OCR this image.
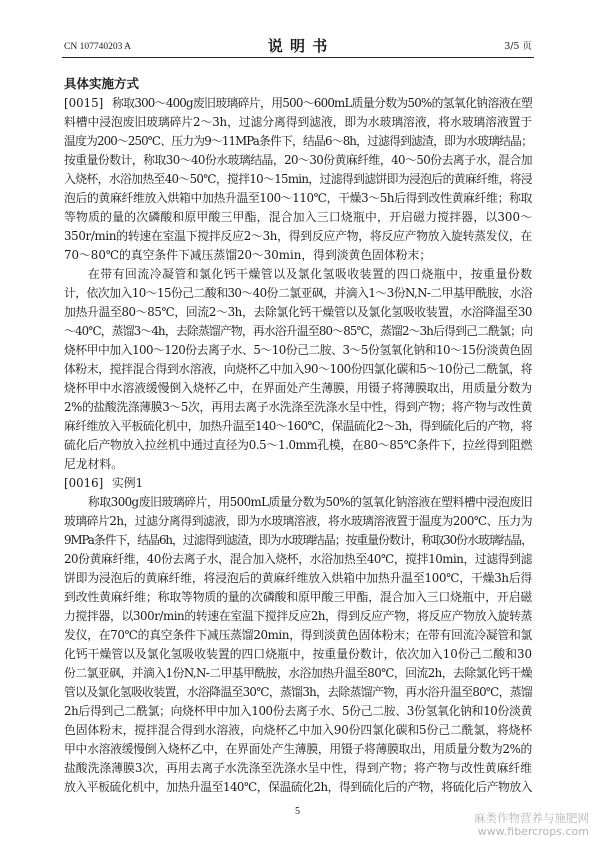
CN 107740203 A	说 明 书	3/5 页
具体实施方式
[0015] 称取300～400g废旧玻璃碎片，用500～600mL质量分数为50%的氢氧化钠溶液在塑
料槽中浸泡废旧玻璃碎片2～3h，过滤分离得到滤液，即为水玻璃溶液，将水玻璃溶液置于
温度为200～250℃、压力为9～11MPa条件下，结晶6～8h，过滤得到滤渣，即为水玻璃结晶；
按重量份数计，称取30～40份水玻璃结晶，20～30份黄麻纤维，40～50份去离子水，混合加
入烧杯，水浴加热至40～50℃，搅拌10～15min，过滤得到滤饼即为浸泡后的黄麻纤维，将浸
泡后的黄麻纤维放入烘箱中加热升温至100～110℃，干燥3～5h后得到改性黄麻纤维；称取
等物质的量的次磷酸和原甲酸三甲酯，混合加入三口烧瓶中，开启磁力搅拌器，以300～
350r/min的转速在室温下搅拌反应2～3h，得到反应产物，将反应产物放入旋转蒸发仪，在
70～80℃的真空条件下减压蒸馏20～30min，得到淡黄色固体粉末；
在带有回流冷凝管和氯化钙干燥管以及氯化氢吸收装置的四口烧瓶中，按重量份数
计，依次加入10～15份己二酸和30～40份二氯亚砜，并滴入1～3份N,N-二甲基甲酰胺，水浴
加热升温至80～85℃，回流2～3h，去除氯化钙干燥管以及氯化氢吸收装置，水浴降温至30
～40℃，蒸馏3～4h，去除蒸馏产物，再水浴升温至80～85℃，蒸馏2～3h后得到己二酰氯；向
烧杯甲中加入100～120份去离子水、5～10份己二胺、3～5份氢氧化钠和10～15份淡黄色固
体粉末，搅拌混合得到水溶液，向烧杯乙中加入90～100份四氯化碳和5～10份己二酰氯，将
烧杯甲中水溶液缓慢倒入烧杯乙中，在界面处产生薄膜，用镊子将薄膜取出，用质量分数为
2%的盐酸洗涤薄膜3～5次，再用去离子水洗涤至洗涤水呈中性，得到产物；将产物与改性黄
麻纤维放入平板硫化机中，加热升温至140～160℃，保温硫化2～3h，得到硫化后的产物，将
硫化后产物放入拉丝机中通过直径为0.5～1.0mm孔模，在80～85℃条件下，拉丝得到阻燃
尼龙材料。
[0016] 实例1
称取300g废旧玻璃碎片，用500mL质量分数为50%的氢氧化钠溶液在塑料槽中浸泡废旧
玻璃碎片2h，过滤分离得到滤液，即为水玻璃溶液，将水玻璃溶液置于温度为200℃、压力为
9MPa条件下，结晶6h，过滤得到滤渣，即为水玻璃结晶；按重量份数计，称取30份水玻璃结晶，
20份黄麻纤维，40份去离子水，混合加入烧杯，水浴加热至40℃，搅拌10min，过滤得到滤
饼即为浸泡后的黄麻纤维，将浸泡后的黄麻纤维放入烘箱中加热升温至100℃，干燥3h后得
到改性黄麻纤维；称取等物质的量的次磷酸和原甲酸三甲酯，混合加入三口烧瓶中，开启磁
力搅拌器，以300r/min的转速在室温下搅拌反应2h，得到反应产物，将反应产物放入旋转蒸
发仪，在70℃的真空条件下减压蒸馏20min，得到淡黄色固体粉末；在带有回流冷凝管和氯
化钙干燥管以及氯化氢吸收装置的四口烧瓶中，按重量份数计，依次加入10份己二酸和30
份二氯亚砜，并滴入1份N,N-二甲基甲酰胺，水浴加热升温至80℃，回流2h，去除氯化钙干燥
管以及氯化氢吸收装置，水浴降温至30℃，蒸馏3h，去除蒸馏产物，再水浴升温至80℃，蒸馏
2h后得到己二酰氯；向烧杯甲中加入100份去离子水、5份己二胺、3份氢氧化钠和10份淡黄
色固体粉末，搅拌混合得到水溶液，向烧杯乙中加入90份四氯化碳和5份己二酰氯，将烧杯
甲中水溶液缓慢倒入烧杯乙中，在界面处产生薄膜，用镊子将薄膜取出，用质量分数为2%的
盐酸洗涤薄膜3次，再用去离子水洗涤至洗涤水呈中性，得到产物；将产物与改性黄麻纤维
放入平板硫化机中，加热升温至140℃，保温硫化2h，得到硫化后的产物，将硫化后产物放入
5	麻类作物营养与施肥网
www.fibercrops.com
